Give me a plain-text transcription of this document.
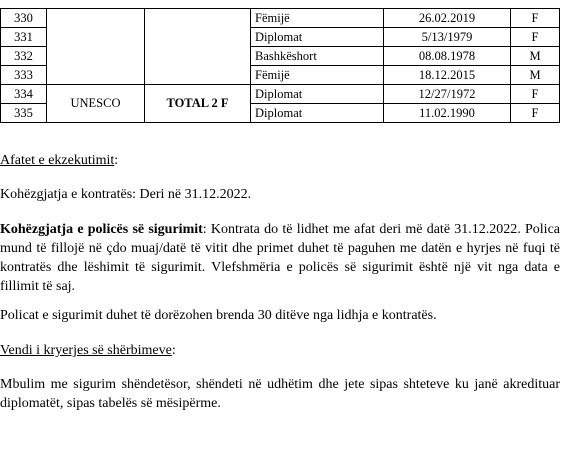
330			Fëmijë	26.02.2019	F
331			Diplomat	5/13/1979	F
332			Bashkëshort	08.08.1978	M
333			Fëmijë	18.12.2015	M
334	UNESCO	TOTAL 2 F	Diplomat	12/27/1972	F
335			Diplomat	11.02.1990	F

Afatet e ekzekutimit:

Kohëzgjatja e kontratës: Deri në 31.12.2022.

Kohëzgjatja e policës së sigurimit: Kontrata do të lidhet me afat deri më datë 31.12.2022. Polica mund të fillojë në çdo muaj/datë të vitit dhe primet duhet të paguhen me datën e hyrjes në fuqi të kontratës dhe lëshimit të sigurimit. Vlefshmëria e policës së sigurimit është një vit nga data e fillimit të saj.

Policat e sigurimit duhet të dorëzohen brenda 30 ditëve nga lidhja e kontratës.

Vendi i kryerjes së shërbimeve:

Mbulim me sigurim shëndetësor, shëndeti në udhëtim dhe jete sipas shteteve ku janë akredituar diplomatët, sipas tabelës së mësipërme.
